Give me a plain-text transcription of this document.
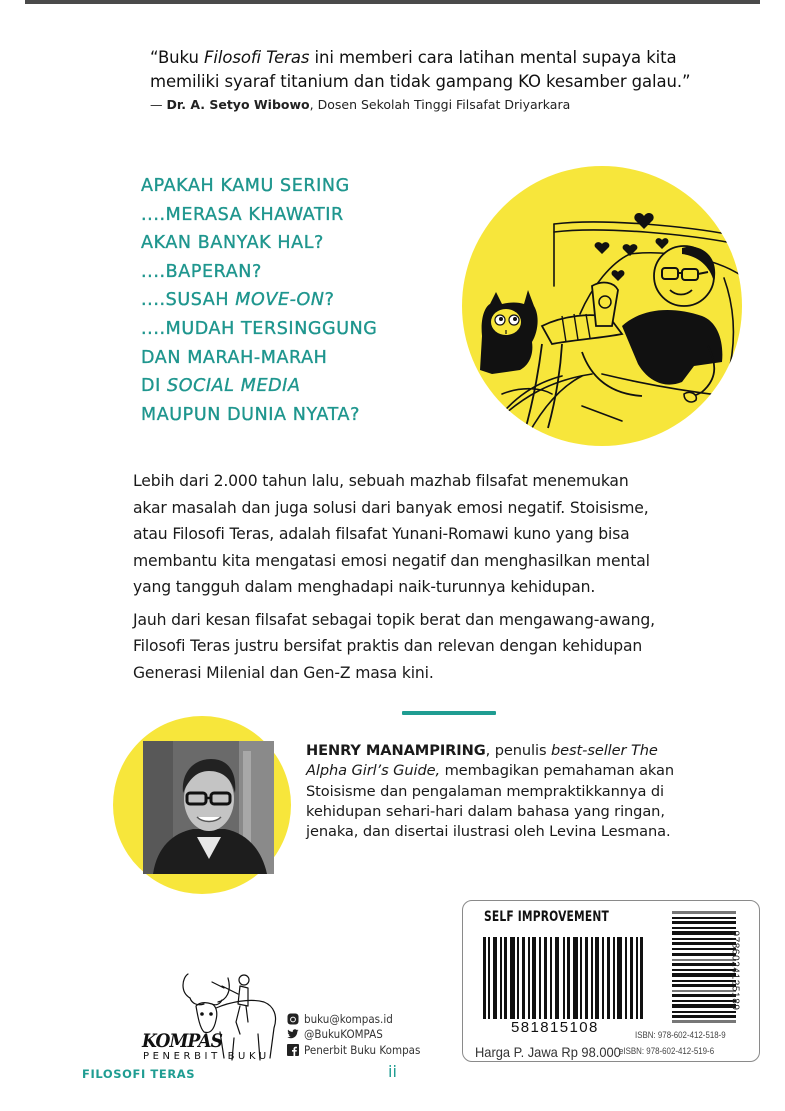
“Buku Filosofi Teras ini memberi cara latihan mental supaya kita
memiliki syaraf titanium dan tidak gampang KO kesamber galau.”
— Dr. A. Setyo Wibowo, Dosen Sekolah Tinggi Filsafat Driyarkara
APAKAH KAMU SERING
....MERASA KHAWATIR
AKAN BANYAK HAL?
....BAPERAN?
....SUSAH MOVE-ON?
....MUDAH TERSINGGUNG
DAN MARAH-MARAH
DI SOCIAL MEDIA
MAUPUN DUNIA NYATA?

Lebih dari 2.000 tahun lalu, sebuah mazhab filsafat menemukan

akar masalah dan juga solusi dari banyak emosi negatif. Stoisisme,

atau Filosofi Teras, adalah filsafat Yunani-Romawi kuno yang bisa

membantu kita mengatasi emosi negatif dan menghasilkan mental

yang tangguh dalam menghadapi naik-turunnya kehidupan.

Jauh dari kesan filsafat sebagai topik berat dan mengawang-awang,

Filosofi Teras justru bersifat praktis dan relevan dengan kehidupan

Generasi Milenial dan Gen-Z masa kini.

HENRY MANAMPIRING, penulis best-seller The
Alpha Girl’s Guide, membagikan pemahaman akan
Stoisisme dan pengalaman mempraktikkannya di
kehidupan sehari-hari dalam bahasa yang ringan,
jenaka, dan disertai ilustrasi oleh Levina Lesmana.
SELF IMPROVEMENT
581815108
Harga P. Jawa Rp 98.000
9786024125189
ISBN: 978-602-412-518-9
eISBN: 978-602-412-519-6
KOMPAS
PENERBIT BUKU
buku@kompas.id
@BukuKOMPAS
Penerbit Buku Kompas
FILOSOFI TERAS	ii
